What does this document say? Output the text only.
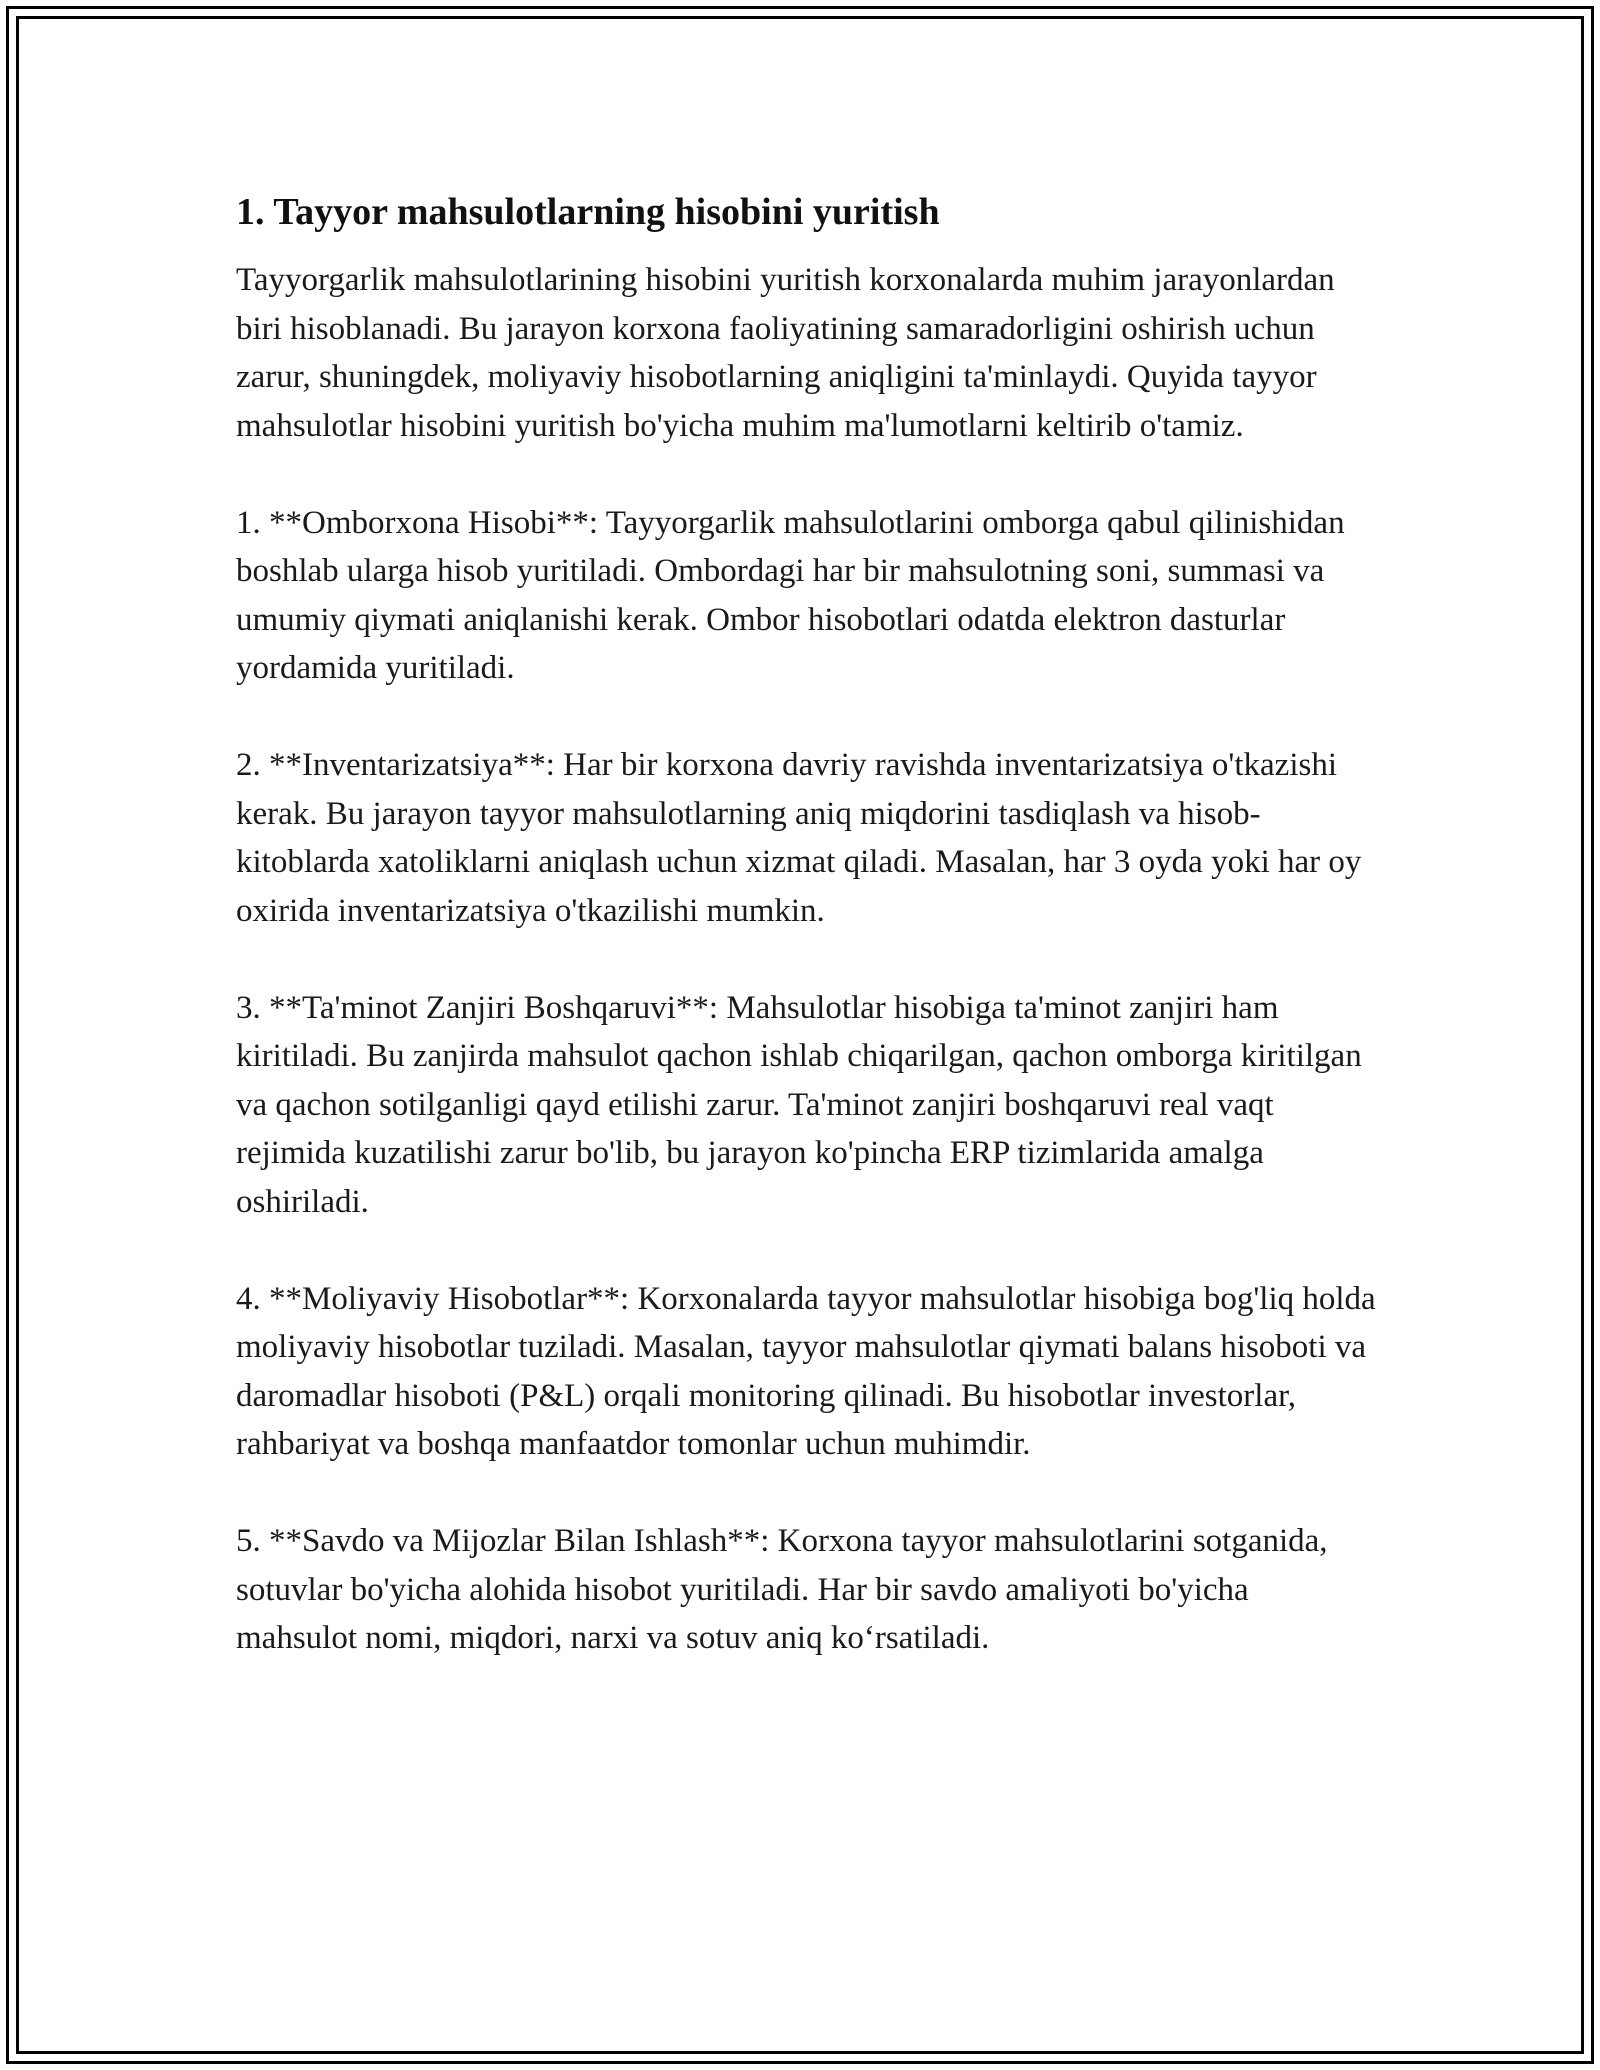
1. Tayyor mahsulotlarning hisobini yuritish

Tayyorgarlik mahsulotlarining hisobini yuritish korxonalarda muhim jarayonlardan biri hisoblanadi. Bu jarayon korxona faoliyatining samaradorligini oshirish uchun zarur, shuningdek, moliyaviy hisobotlarning aniqligini ta'minlaydi. Quyida tayyor mahsulotlar hisobini yuritish bo'yicha muhim ma'lumotlarni keltirib o'tamiz.

1. **Omborxona Hisobi**: Tayyorgarlik mahsulotlarini omborga qabul qilinishidan boshlab ularga hisob yuritiladi. Ombordagi har bir mahsulotning soni, summasi va umumiy qiymati aniqlanishi kerak. Ombor hisobotlari odatda elektron dasturlar yordamida yuritiladi.

2. **Inventarizatsiya**: Har bir korxona davriy ravishda inventarizatsiya o'tkazishi kerak. Bu jarayon tayyor mahsulotlarning aniq miqdorini tasdiqlash va hisob-kitoblarda xatoliklarni aniqlash uchun xizmat qiladi. Masalan, har 3 oyda yoki har oy oxirida inventarizatsiya o'tkazilishi mumkin.

3. **Ta'minot Zanjiri Boshqaruvi**: Mahsulotlar hisobiga ta'minot zanjiri ham kiritiladi. Bu zanjirda mahsulot qachon ishlab chiqarilgan, qachon omborga kiritilgan va qachon sotilganligi qayd etilishi zarur. Ta'minot zanjiri boshqaruvi real vaqt rejimida kuzatilishi zarur bo'lib, bu jarayon ko'pincha ERP tizimlarida amalga oshiriladi.

4. **Moliyaviy Hisobotlar**: Korxonalarda tayyor mahsulotlar hisobiga bog'liq holda moliyaviy hisobotlar tuziladi. Masalan, tayyor mahsulotlar qiymati balans hisoboti va daromadlar hisoboti (P&L) orqali monitoring qilinadi. Bu hisobotlar investorlar, rahbariyat va boshqa manfaatdor tomonlar uchun muhimdir.

5. **Savdo va Mijozlar Bilan Ishlash**: Korxona tayyor mahsulotlarini sotganida, sotuvlar bo'yicha alohida hisobot yuritiladi. Har bir savdo amaliyoti bo'yicha mahsulot nomi, miqdori, narxi va sotuv aniq ko‘rsatiladi.
